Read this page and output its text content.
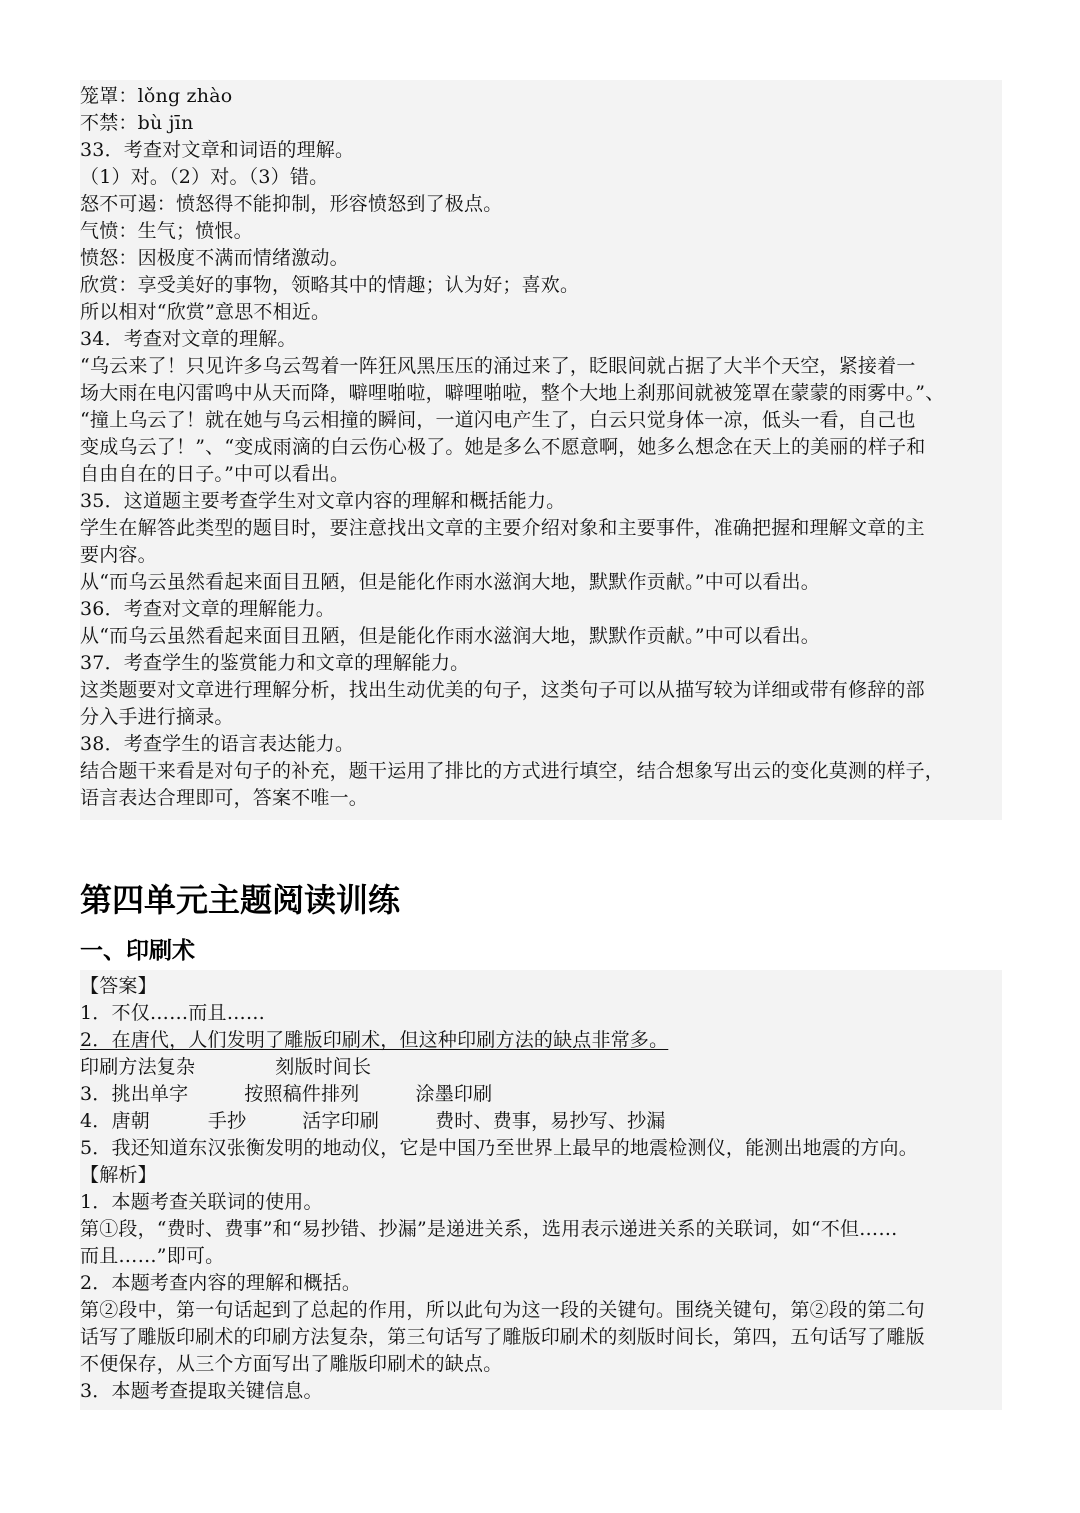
笼罩：lǒng zhào
不禁：bù jīn
33．考查对文章和词语的理解。
（1）对。（2）对。（3）错。
怒不可遏：愤怒得不能抑制，形容愤怒到了极点。
气愤：生气；愤恨。
愤怒：因极度不满而情绪激动。
欣赏：享受美好的事物，领略其中的情趣；认为好；喜欢。
所以相对“欣赏”意思不相近。
34．考查对文章的理解。
“乌云来了！只见许多乌云驾着一阵狂风黑压压的涌过来了，眨眼间就占据了大半个天空，紧接着一
场大雨在电闪雷鸣中从天而降，噼哩啪啦，噼哩啪啦，整个大地上刹那间就被笼罩在蒙蒙的雨雾中。”、
“撞上乌云了！就在她与乌云相撞的瞬间，一道闪电产生了，白云只觉身体一凉，低头一看，自己也
变成乌云了！”、“变成雨滴的白云伤心极了。她是多么不愿意啊，她多么想念在天上的美丽的样子和
自由自在的日子。”中可以看出。
35．这道题主要考查学生对文章内容的理解和概括能力。
学生在解答此类型的题目时，要注意找出文章的主要介绍对象和主要事件，准确把握和理解文章的主
要内容。
从“而乌云虽然看起来面目丑陋，但是能化作雨水滋润大地，默默作贡献。”中可以看出。
36．考查对文章的理解能力。
从“而乌云虽然看起来面目丑陋，但是能化作雨水滋润大地，默默作贡献。”中可以看出。
37．考查学生的鉴赏能力和文章的理解能力。
这类题要对文章进行理解分析，找出生动优美的句子，这类句子可以从描写较为详细或带有修辞的部
分入手进行摘录。
38．考查学生的语言表达能力。
结合题干来看是对句子的补充，题干运用了排比的方式进行填空，结合想象写出云的变化莫测的样子，
语言表达合理即可，答案不唯一。
第四单元主题阅读训练
一、印刷术
【答案】
1．不仅……而且……
2．在唐代，人们发明了雕版印刷术，但这种印刷方法的缺点非常多。
印刷方法复杂	刻版时间长
3．挑出单字	按照稿件排列	涂墨印刷
4．唐朝	手抄	活字印刷	费时、费事，易抄写、抄漏
5．我还知道东汉张衡发明的地动仪，它是中国乃至世界上最早的地震检测仪，能测出地震的方向。
【解析】
1．本题考查关联词的使用。
第①段，“费时、费事”和“易抄错、抄漏”是递进关系，选用表示递进关系的关联词，如“不但……
而且……”即可。
2．本题考查内容的理解和概括。
第②段中，第一句话起到了总起的作用，所以此句为这一段的关键句。围绕关键句，第②段的第二句
话写了雕版印刷术的印刷方法复杂，第三句话写了雕版印刷术的刻版时间长，第四，五句话写了雕版
不便保存，从三个方面写出了雕版印刷术的缺点。
3．本题考查提取关键信息。
